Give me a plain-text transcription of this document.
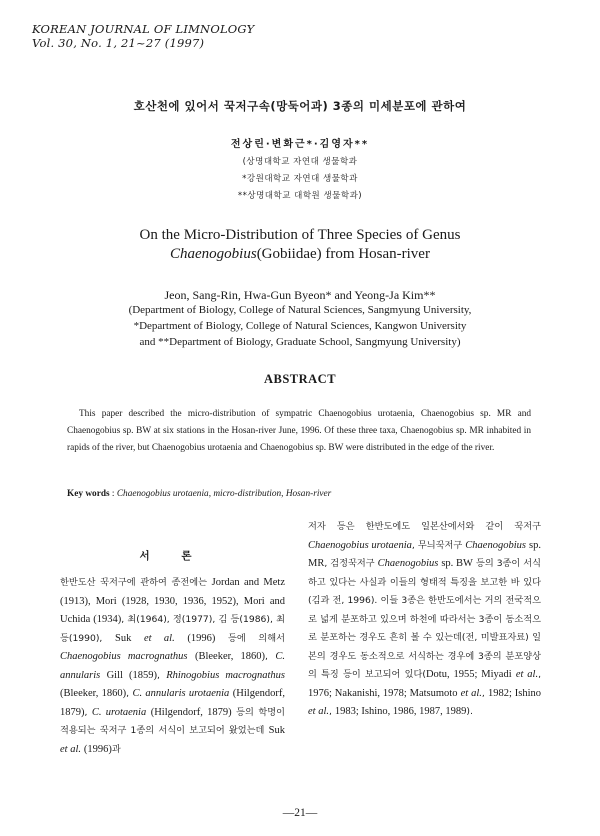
KOREAN JOURNAL OF LIMNOLOGY
Vol. 30, No. 1, 21~27 (1997)
호산천에 있어서 꾹저구속(망둑어과) 3종의 미세분포에 관하여
전상린·변화근*·김영자**
(상명대학교 자연대 생물학과
*강원대학교 자연대 생물학과
**상명대학교 대학원 생물학과)
On the Micro-Distribution of Three Species of Genus
Chaenogobius(Gobiidae) from Hosan-river
Jeon, Sang-Rin, Hwa-Gun Byeon* and Yeong-Ja Kim**
(Department of Biology, College of Natural Sciences, Sangmyung University,
*Department of Biology, College of Natural Sciences, Kangwon University
and **Department of Biology, Graduate School, Sangmyung University)
ABSTRACT
This paper described the micro-distribution of sympatric Chaenogobius urotaenia, Chaenogobius sp. MR and Chaenogobius sp. BW at six stations in the Hosan-river June, 1996. Of these three taxa, Chaenogobius sp. MR inhabited in rapids of the river, but Chaenogobius urotaenia and Chaenogobius sp. BW were distributed in the edge of the river.
Key words : Chaenogobius urotaenia, micro-distribution, Hosan-river
서 론
한반도산 꾹저구에 관하여 종전에는 Jordan and Metz (1913), Mori (1928, 1930, 1936, 1952), Mori and Uchida (1934), 최(1964), 정(1977), 김 등(1986), 최 등(1990), Suk et al. (1996) 등에 의해서 Chaenogobius macrognathus (Bleeker, 1860), C. annularis Gill (1859), Rhinogobius macrognathus (Bleeker, 1860), C. annularis urotaenia (Hilgendorf, 1879), C. urotaenia (Hilgendorf, 1879) 등의 학명이 적용되는 꾹저구 1종의 서식이 보고되어 왔었는데 Suk et al. (1996)과
저자 등은 한반도에도 일본산에서와 같이 꾹저구 Chaenogobius urotaenia, 무늬꾹저구 Chaenogobius sp. MR, 검정꾹저구 Chaenogobius sp. BW 등의 3종이 서식하고 있다는 사실과 이들의 형태적 특징을 보고한 바 있다(김과 전, 1996). 이들 3종은 한반도에서는 거의 전국적으로 넓게 분포하고 있으며 하천에 따라서는 3종이 동소적으로 분포하는 경우도 흔히 볼 수 있는데(전, 미발표자료) 일본의 경우도 동소적으로 서식하는 경우에 3종의 분포양상의 특징 등이 보고되어 있다(Dotu, 1955; Miyadi et al., 1976; Nakanishi, 1978; Matsumoto et al., 1982; Ishino et al., 1983; Ishino, 1986, 1987, 1989).
—21—
